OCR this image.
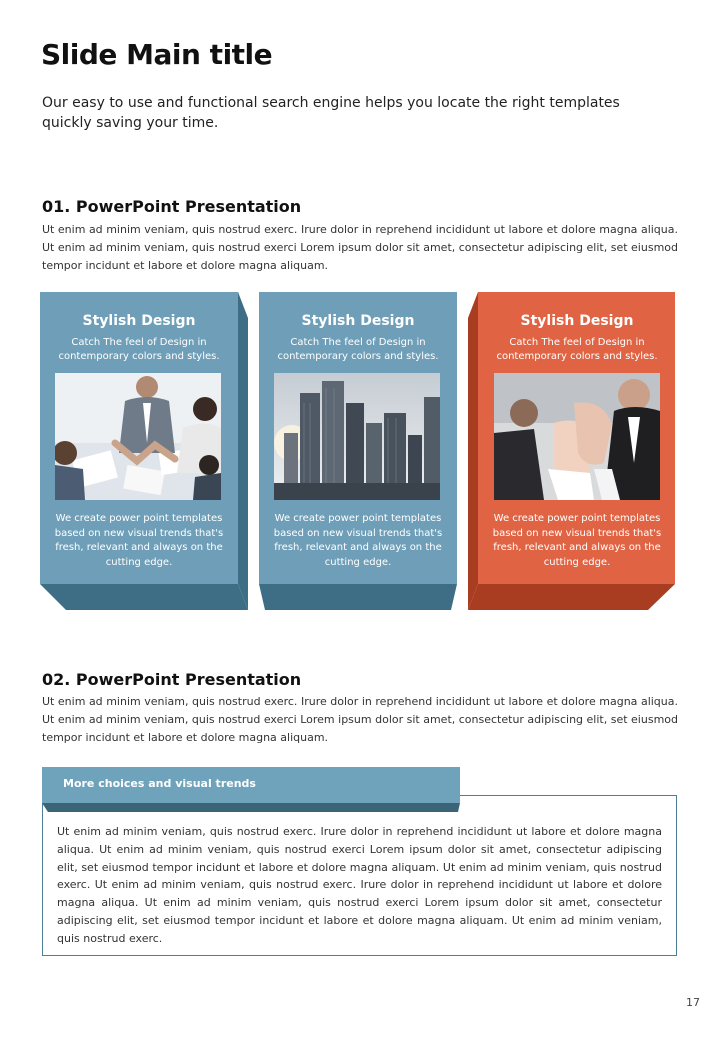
Slide Main title

Our easy to use and functional search engine helps you locate the right templates quickly saving your time.

01. PowerPoint Presentation

Ut enim ad minim veniam, quis nostrud exerc. Irure dolor in reprehend incididunt ut labore et dolore magna aliqua. Ut enim ad minim veniam, quis nostrud exerci Lorem ipsum dolor sit amet, consectetur adipiscing elit, set eiusmod tempor incidunt et labore et dolore magna aliquam.

Stylish Design
Catch The feel of Design in contemporary colors and styles.
We create power point templates based on new visual trends that's fresh, relevant and always on the cutting edge.
Stylish Design
Catch The feel of Design in contemporary colors and styles.
We create power point templates based on new visual trends that's fresh, relevant and always on the cutting edge.
Stylish Design
Catch The feel of Design in contemporary colors and styles.
We create power point templates based on new visual trends that's fresh, relevant and always on the cutting edge.
02. PowerPoint Presentation

Ut enim ad minim veniam, quis nostrud exerc. Irure dolor in reprehend incididunt ut labore et dolore magna aliqua. Ut enim ad minim veniam, quis nostrud exerci Lorem ipsum dolor sit amet, consectetur adipiscing elit, set eiusmod tempor incidunt et labore et dolore magna aliquam.

More choices and visual trends

Ut enim ad minim veniam, quis nostrud exerc. Irure dolor in reprehend incididunt ut labore et dolore magna aliqua. Ut enim ad minim veniam, quis nostrud exerci Lorem ipsum dolor sit amet, consectetur adipiscing elit, set eiusmod tempor incidunt et labore et dolore magna aliquam. Ut enim ad minim veniam, quis nostrud exerc. Ut enim ad minim veniam, quis nostrud exerc. Irure dolor in reprehend incididunt ut labore et dolore magna aliqua. Ut enim ad minim veniam, quis nostrud exerci Lorem ipsum dolor sit amet, consectetur adipiscing elit, set eiusmod tempor incidunt et labore et dolore magna aliquam. Ut enim ad minim veniam, quis nostrud exerc.

17
